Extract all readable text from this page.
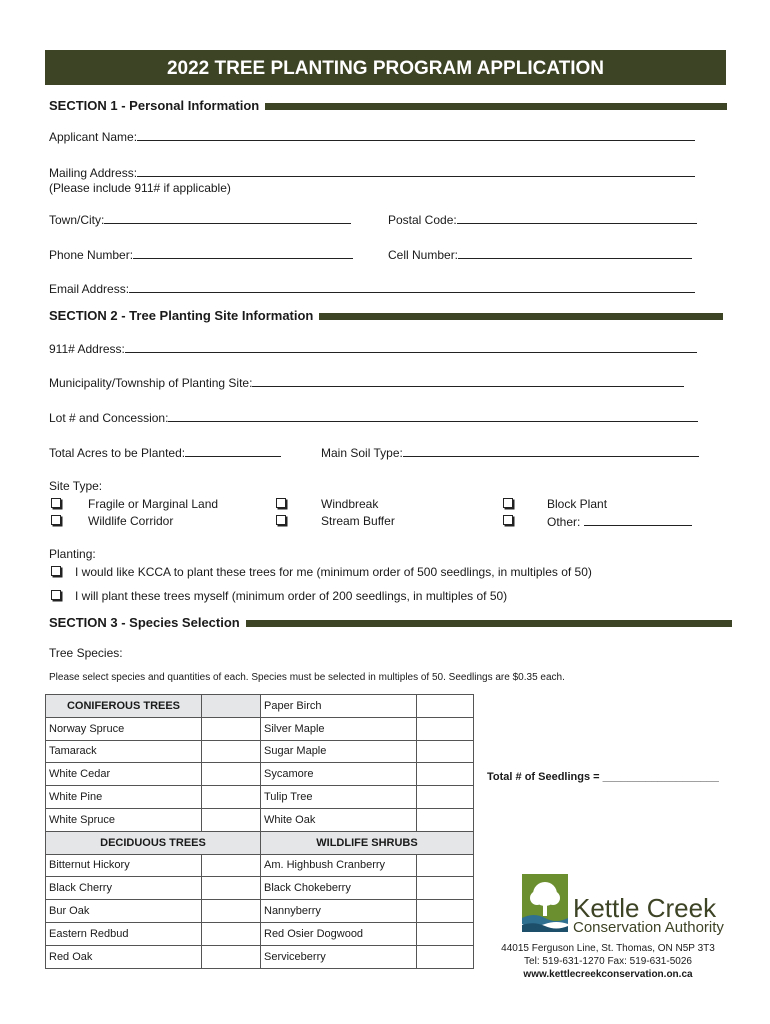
2022 TREE PLANTING PROGRAM APPLICATION
SECTION 1 - Personal Information
Applicant Name:
Mailing Address:
(Please include 911# if applicable)
Town/City:	Postal Code:
Phone Number:	Cell Number:
Email Address:
SECTION 2 - Tree Planting Site Information
911# Address:
Municipality/Township of Planting Site:
Lot # and Concession:
Total Acres to be Planted:	Main Soil Type:
Site Type:
Fragile or Marginal Land
Wildlife Corridor
Windbreak
Stream Buffer
Block Plant
Other:
Planting:
I would like KCCA to plant these trees for me (minimum order of 500 seedlings, in multiples of 50)
I will plant these trees myself (minimum order of 200 seedlings, in multiples of 50)
SECTION 3 - Species Selection
Tree Species:
Please select species and quantities of each. Species must be selected in multiples of 50. Seedlings are $0.35 each.
CONIFEROUS TREES		Paper Birch	
Norway Spruce		Silver Maple	
Tamarack		Sugar Maple	
White Cedar		Sycamore	
White Pine		Tulip Tree	
White Spruce		White Oak	
DECIDUOUS TREES		WILDLIFE SHRUBS	
Bitternut Hickory		Am. Highbush Cranberry	
Black Cherry		Black Chokeberry	
Bur Oak		Nannyberry	
Eastern Redbud		Red Osier Dogwood	
Red Oak		Serviceberry	
Total # of Seedlings = ___________________
Kettle Creek
Conservation Authority
44015 Ferguson Line, St. Thomas, ON N5P 3T3
Tel: 519-631-1270 Fax: 519-631-5026
www.kettlecreekconservation.on.ca
